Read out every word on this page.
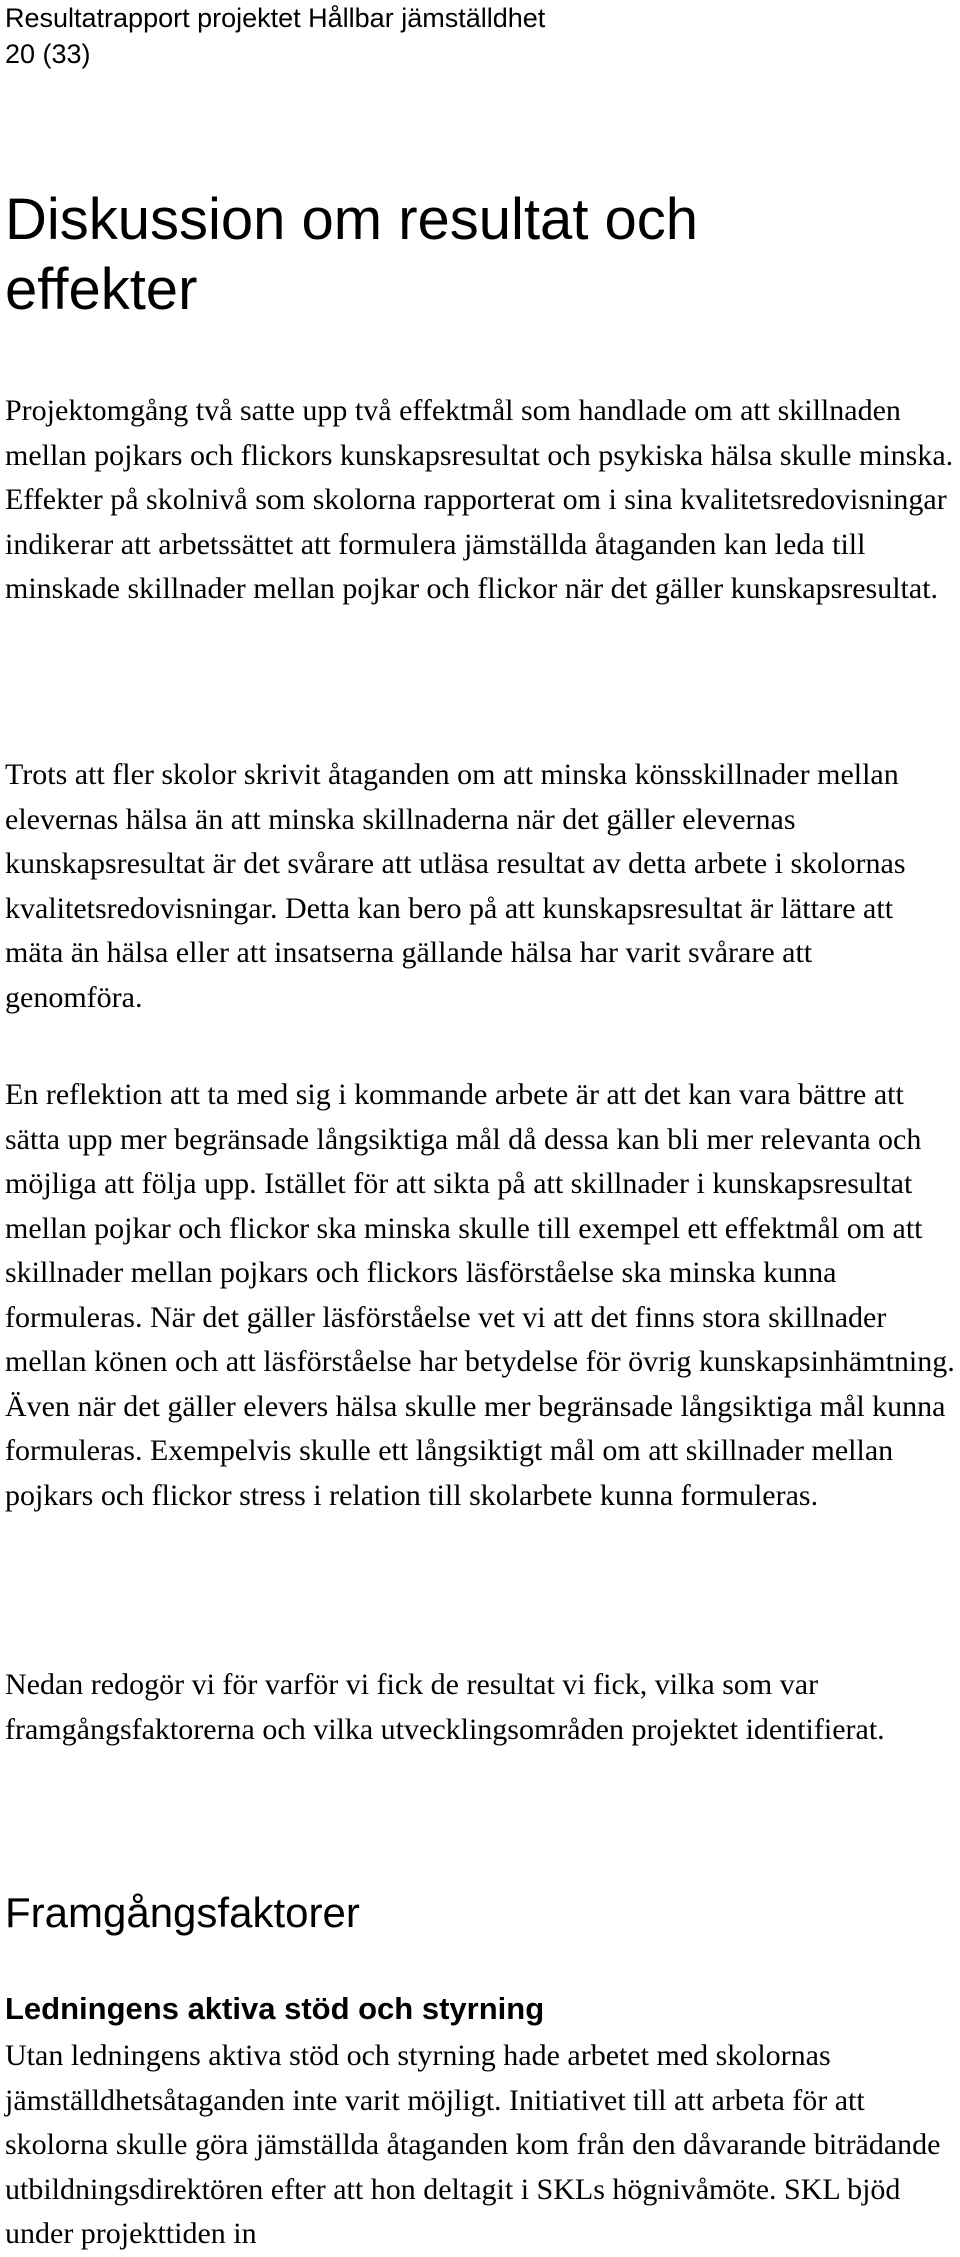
Resultatrapport projektet Hållbar jämställdhet
20 (33)
Diskussion om resultat och effekter

Projektomgång två satte upp två effektmål som handlade om att skillnaden mellan pojkars och flickors kunskapsresultat och psykiska hälsa skulle minska. Effekter på skolnivå som skolorna rapporterat om i sina kvalitetsredovisningar indikerar att arbetssättet att formulera jämställda åtaganden kan leda till minskade skillnader mellan pojkar och flickor när det gäller kunskapsresultat.

Trots att fler skolor skrivit åtaganden om att minska könsskillnader mellan elevernas hälsa än att minska skillnaderna när det gäller elevernas kunskapsresultat är det svårare att utläsa resultat av detta arbete i skolornas kvalitetsredovisningar. Detta kan bero på att kunskapsresultat är lättare att mäta än hälsa eller att insatserna gällande hälsa har varit svårare att genomföra.

En reflektion att ta med sig i kommande arbete är att det kan vara bättre att sätta upp mer begränsade långsiktiga mål då dessa kan bli mer relevanta och möjliga att följa upp. Istället för att sikta på att skillnader i kunskapsresultat mellan pojkar och flickor ska minska skulle till exempel ett effektmål om att skillnader mellan pojkars och flickors läsförståelse ska minska kunna formuleras. När det gäller läsförståelse vet vi att det finns stora skillnader mellan könen och att läsförståelse har betydelse för övrig kunskapsinhämtning. Även när det gäller elevers hälsa skulle mer begränsade långsiktiga mål kunna formuleras. Exempelvis skulle ett långsiktigt mål om att skillnader mellan pojkars och flickor stress i relation till skolarbete kunna formuleras.

Nedan redogör vi för varför vi fick de resultat vi fick, vilka som var framgångsfaktorerna och vilka utvecklingsområden projektet identifierat.

Framgångsfaktorer
Ledningens aktiva stöd och styrning

Utan ledningens aktiva stöd och styrning hade arbetet med skolornas jämställdhetsåtaganden inte varit möjligt. Initiativet till att arbeta för att skolorna skulle göra jämställda åtaganden kom från den dåvarande biträdande utbildningsdirektören efter att hon deltagit i SKLs högnivåmöte. SKL bjöd under projekttiden in
